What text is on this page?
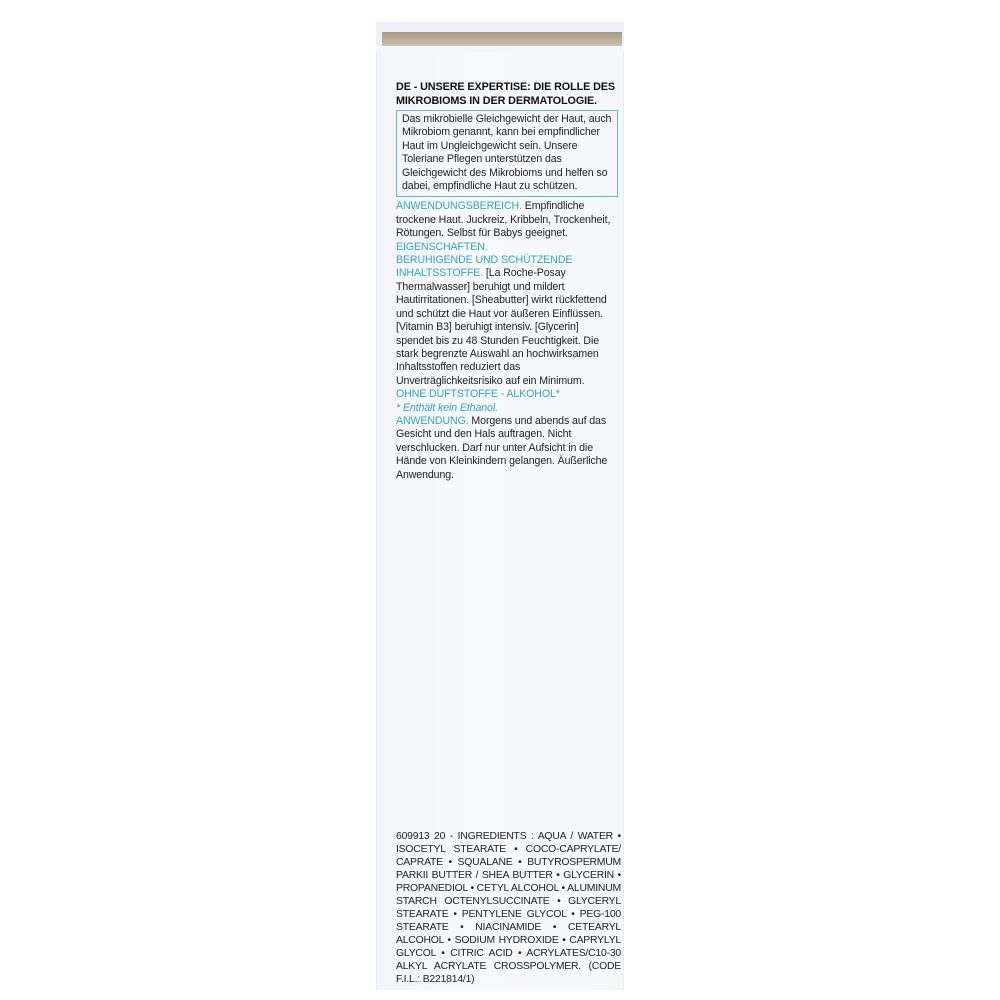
DE - UNSERE EXPERTISE: DIE ROLLE DES MIKROBIOMS IN DER DERMATOLOGIE.

Das mikrobielle Gleichgewicht der Haut, auch Mikrobiom genannt, kann bei empfindlicher Haut im Ungleichgewicht sein. Unsere Toleriane Pflegen unterstützen das Gleichgewicht des Mikrobioms und helfen so dabei, empfindliche Haut zu schützen.

ANWENDUNGSBEREICH. Empfindliche trockene Haut. Juckreiz, Kribbeln, Trockenheit, Rötungen. Selbst für Babys geeignet.

EIGENSCHAFTEN.
BERUHIGENDE UND SCHÜTZENDE INHALTSSTOFFE. [La Roche-Posay Thermalwasser] beruhigt und mildert Hautirritationen. [Sheabutter] wirkt rückfettend und schützt die Haut vor äußeren Einflüssen. [Vitamin B3] beruhigt intensiv. [Glycerin] spendet bis zu 48 Stunden Feuchtigkeit. Die stark begrenzte Auswahl an hochwirksamen Inhaltsstoffen reduziert das Unverträglichkeitsrisiko auf ein Minimum.

OHNE DUFTSTOFFE - ALKOHOL*

* Enthält kein Ethanol.

ANWENDUNG. Morgens und abends auf das Gesicht und den Hals auftragen. Nicht verschlucken. Darf nur unter Aufsicht in die Hände von Kleinkindern gelangen. Äußerliche Anwendung.

609913 20 - INGREDIENTS : AQUA / WATER • ISOCETYL STEARATE • COCO-CAPRYLATE/ CAPRATE • SQUALANE • BUTYROSPERMUM PARKII BUTTER / SHEA BUTTER • GLYCERIN • PROPANEDIOL • CETYL ALCOHOL • ALUMINUM STARCH OCTENYLSUCCINATE • GLYCERYL STEARATE • PENTYLENE GLYCOL • PEG-100 STEARATE • NIACINAMIDE • CETEARYL ALCOHOL • SODIUM HYDROXIDE • CAPRYLYL GLYCOL • CITRIC ACID • ACRYLATES/C10-30 ALKYL ACRYLATE CROSSPOLYMER. (CODE F.I.L.: B221814/1)
